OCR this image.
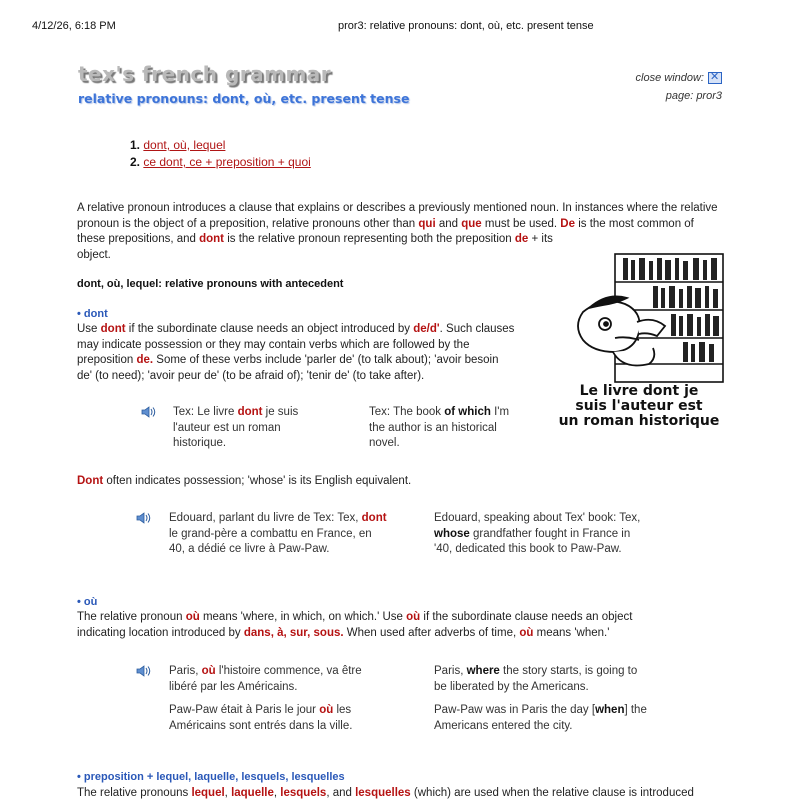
4/12/26, 6:18 PM	pror3: relative pronouns: dont, où, etc. present tense
tex's french grammar
relative pronouns: dont, où, etc. present tense
close window:✕
page: pror3
1. dont, où, lequel
2. ce dont, ce + preposition + quoi
A relative pronoun introduces a clause that explains or describes a previously mentioned noun. In instances where the relative pronoun is the object of a preposition, relative pronouns other than qui and que must be used. De is the most common of these prepositions, and dont is the relative pronoun representing both the preposition de + its
object.
dont, où, lequel: relative pronouns with antecedent
• dont
Use dont if the subordinate clause needs an object introduced by de/d'. Such clauses
may indicate possession or they may contain verbs which are followed by the
preposition de. Some of these verbs include 'parler de' (to talk about); 'avoir besoin
de' (to need); 'avoir peur de' (to be afraid of); 'tenir de' (to take after).
Le livre dont je
suis l'auteur est
un roman historique
Tex: Le livre dont je suis
l'auteur est un roman
historique.
Tex: The book of which I'm
the author is an historical
novel.
Dont often indicates possession; 'whose' is its English equivalent.
Edouard, parlant du livre de Tex: Tex, dont
le grand-père a combattu en France, en
40, a dédié ce livre à Paw-Paw.
Edouard, speaking about Tex' book: Tex,
whose grandfather fought in France in
'40, dedicated this book to Paw-Paw.
• où
The relative pronoun où means 'where, in which, on which.' Use où if the subordinate clause needs an object
indicating location introduced by dans, à, sur, sous. When used after adverbs of time, où means 'when.'
Paris, où l'histoire commence, va être
libéré par les Américains.
Paris, where the story starts, is going to
be liberated by the Americans.
Paw-Paw était à Paris le jour où les
Américains sont entrés dans la ville.
Paw-Paw was in Paris the day [when] the
Americans entered the city.
• preposition + lequel, laquelle, lesquels, lesquelles
The relative pronouns lequel, laquelle, lesquels, and lesquelles (which) are used when the relative clause is introduced
